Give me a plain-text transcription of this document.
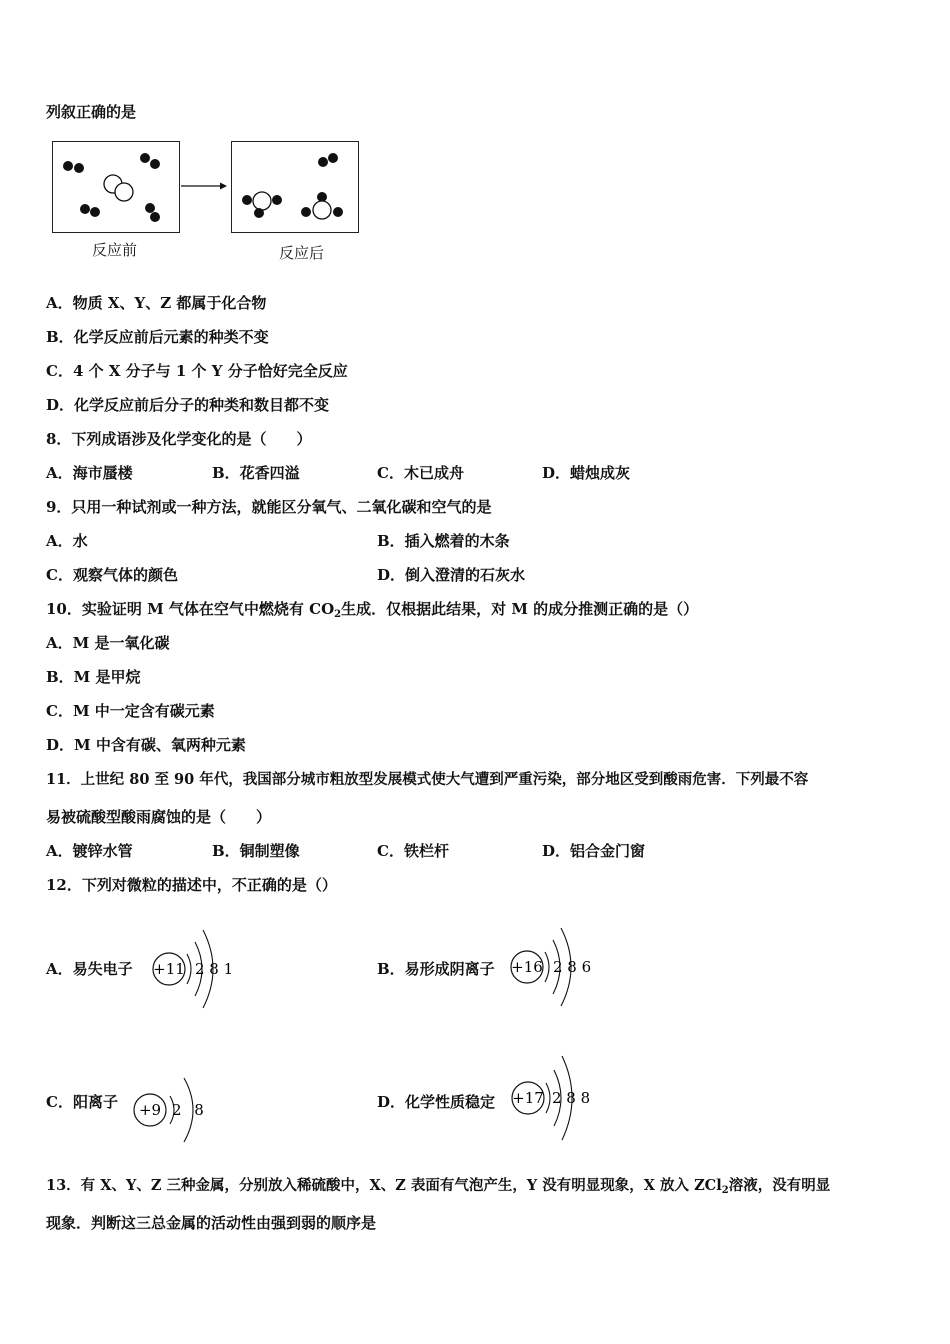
列叙正确的是
反应前	反应后
A．物质 X、Y、Z 都属于化合物
B．化学反应前后元素的种类不变
C．4 个 X 分子与 1 个 Y 分子恰好完全反应
D．化学反应前后分子的种类和数目都不变
8．下列成语涉及化学变化的是（　　）
A．海市蜃楼	B．花香四溢	C．木已成舟	D．蜡烛成灰
9．只用一种试剂或一种方法，就能区分氧气、二氧化碳和空气的是
A．水	B．插入燃着的木条
C．观察气体的颜色	D．倒入澄清的石灰水
10．实验证明 M 气体在空气中燃烧有 $CO_2$生成．仅根据此结果，对 M 的成分推测正确的是（）
A．M 是一氧化碳
B．M 是甲烷
C．M 中一定含有碳元素
D．M 中含有碳、氧两种元素
11．上世纪 80 至 90 年代，我国部分城市粗放型发展模式使大气遭到严重污染，部分地区受到酸雨危害．下列最不容
易被硫酸型酸雨腐蚀的是（　　）
A．镀锌水管	B．铜制塑像	C．铁栏杆	D．铝合金门窗
12．下列对微粒的描述中，不正确的是（）
A．易失电子 +11 2 8 1	B．易形成阴离子 +16 2 8 6
C．阳离子 +9 2 8	D．化学性质稳定 +17 2 8 8
13．有 X、Y、Z 三种金属，分别放入稀硫酸中，X、Z 表面有气泡产生，Y 没有明显现象，X 放入 ZCl$_2$溶液，没有明显
现象．判断这三总金属的活动性由强到弱的顺序是
